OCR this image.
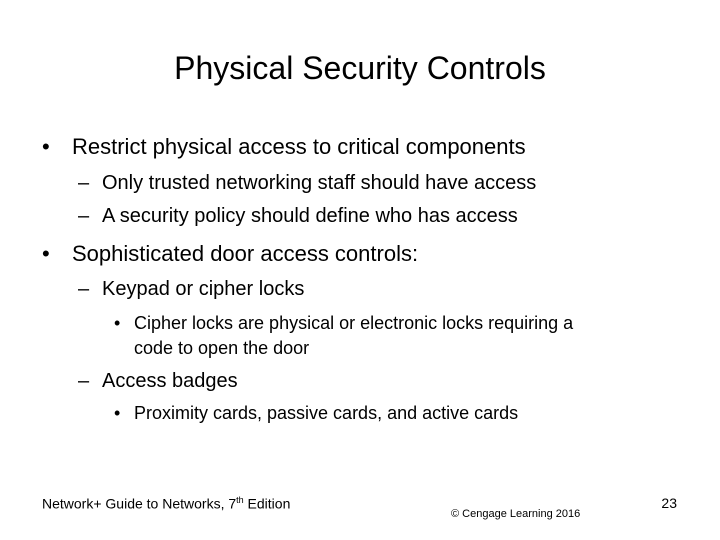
Physical Security Controls
• Restrict physical access to critical components
– Only trusted networking staff should have access
– A security policy should define who has access
• Sophisticated door access controls:
– Keypad or cipher locks
• Cipher locks are physical or electronic locks requiring a
code to open the door
– Access badges
• Proximity cards, passive cards, and active cards
Network+ Guide to Networks, 7th Edition
© Cengage Learning 2016
23
